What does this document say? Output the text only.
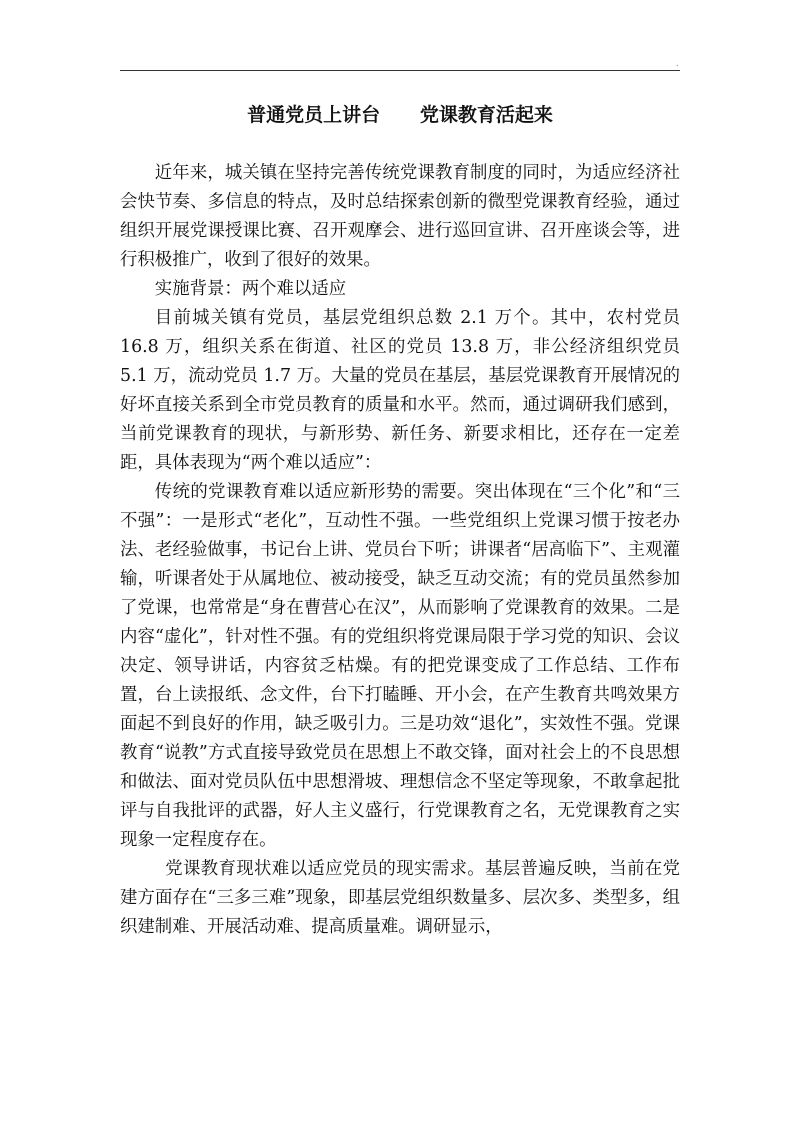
.
普通党员上讲台      党课教育活起来

近年来，城关镇在坚持完善传统党课教育制度的同时，为适应经济社会快节奏、多信息的特点，及时总结探索创新的微型党课教育经验，通过组织开展党课授课比赛、召开观摩会、进行巡回宣讲、召开座谈会等，进行积极推广，收到了很好的效果。

实施背景：两个难以适应

目前城关镇有党员，基层党组织总数 2.1 万个。其中，农村党员 16.8 万，组织关系在街道、社区的党员 13.8 万，非公经济组织党员 5.1 万，流动党员 1.7 万。大量的党员在基层，基层党课教育开展情况的好坏直接关系到全市党员教育的质量和水平。然而，通过调研我们感到，当前党课教育的现状，与新形势、新任务、新要求相比，还存在一定差距，具体表现为“两个难以适应”：

传统的党课教育难以适应新形势的需要。突出体现在“三个化”和“三不强”：一是形式“老化”，互动性不强。一些党组织上党课习惯于按老办法、老经验做事，书记台上讲、党员台下听；讲课者“居高临下”、主观灌输，听课者处于从属地位、被动接受，缺乏互动交流；有的党员虽然参加了党课，也常常是“身在曹营心在汉”，从而影响了党课教育的效果。二是内容“虚化”，针对性不强。有的党组织将党课局限于学习党的知识、会议决定、领导讲话，内容贫乏枯燥。有的把党课变成了工作总结、工作布置，台上读报纸、念文件，台下打瞌睡、开小会，在产生教育共鸣效果方面起不到良好的作用，缺乏吸引力。三是功效“退化”，实效性不强。党课教育“说教”方式直接导致党员在思想上不敢交锋，面对社会上的不良思想和做法、面对党员队伍中思想滑坡、理想信念不坚定等现象，不敢拿起批评与自我批评的武器，好人主义盛行，行党课教育之名，无党课教育之实现象一定程度存在。

党课教育现状难以适应党员的现实需求。基层普遍反映，当前在党建方面存在“三多三难”现象，即基层党组织数量多、层次多、类型多，组织建制难、开展活动难、提高质量难。调研显示，
